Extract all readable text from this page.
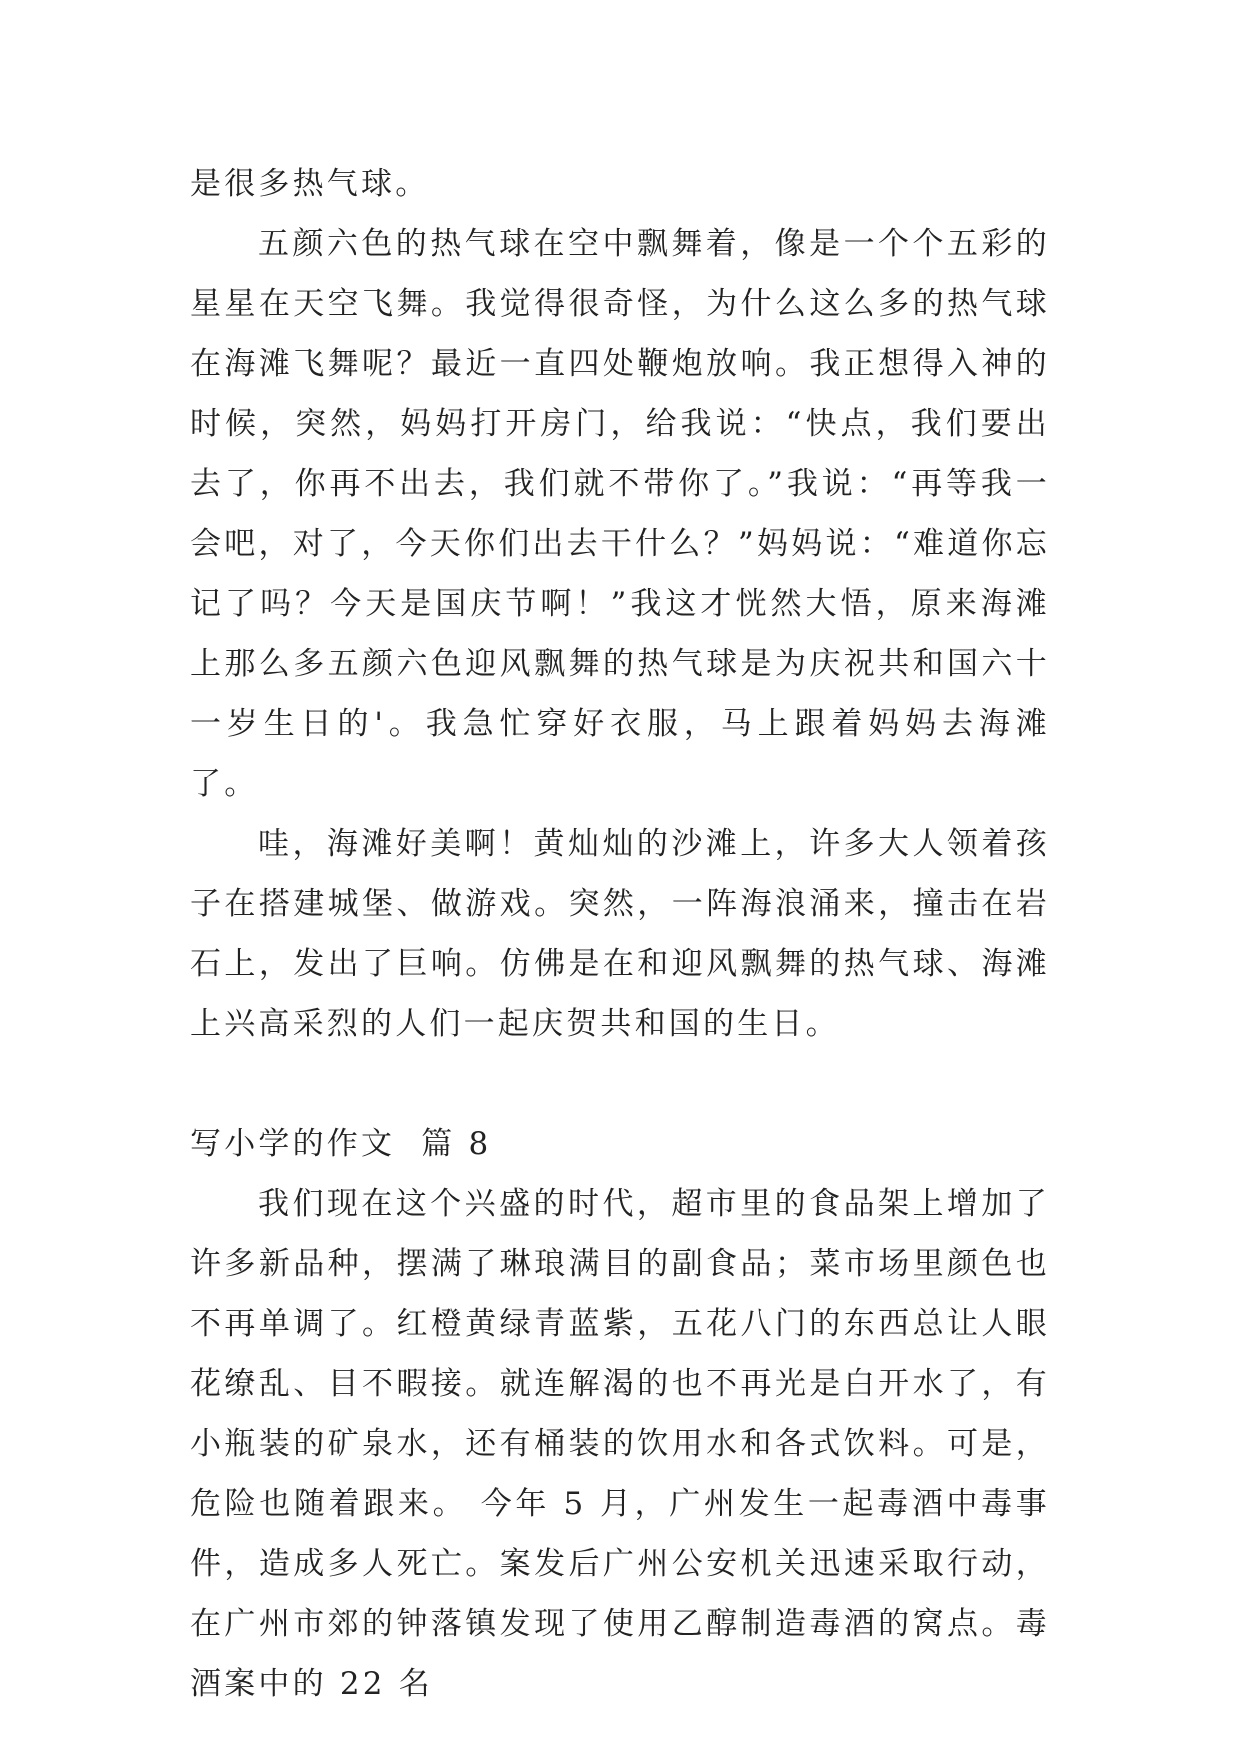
是很多热气球。

五颜六色的热气球在空中飘舞着，像是一个个五彩的星星在天空飞舞。我觉得很奇怪，为什么这么多的热气球在海滩飞舞呢？最近一直四处鞭炮放响。我正想得入神的时候，突然，妈妈打开房门，给我说：“快点，我们要出去了，你再不出去，我们就不带你了。”我说：“再等我一会吧，对了，今天你们出去干什么？”妈妈说：“难道你忘记了吗？今天是国庆节啊！”我这才恍然大悟，原来海滩上那么多五颜六色迎风飘舞的热气球是为庆祝共和国六十一岁生日的'。我急忙穿好衣服，马上跟着妈妈去海滩了。

哇，海滩好美啊！黄灿灿的沙滩上，许多大人领着孩子在搭建城堡、做游戏。突然，一阵海浪涌来，撞击在岩石上，发出了巨响。仿佛是在和迎风飘舞的热气球、海滩上兴高采烈的人们一起庆贺共和国的生日。

写小学的作文  篇 8

我们现在这个兴盛的时代，超市里的食品架上增加了许多新品种，摆满了琳琅满目的副食品；菜市场里颜色也不再单调了。红橙黄绿青蓝紫，五花八门的东西总让人眼花缭乱、目不暇接。就连解渴的也不再光是白开水了，有小瓶装的矿泉水，还有桶装的饮用水和各式饮料。可是，危险也随着跟来。 今年 5 月，广州发生一起毒酒中毒事件，造成多人死亡。案发后广州公安机关迅速采取行动，在广州市郊的钟落镇发现了使用乙醇制造毒酒的窝点。毒酒案中的 22 名
